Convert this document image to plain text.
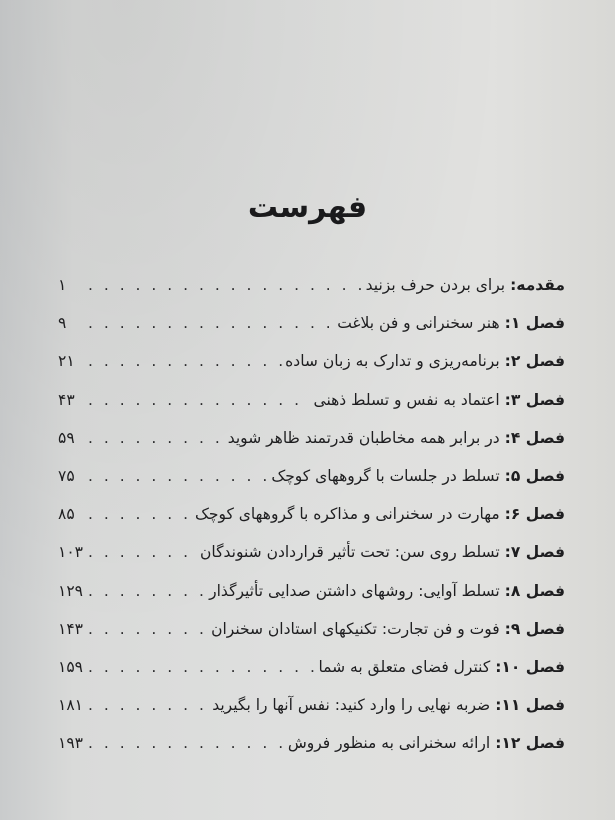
فهرست
مقدمه:
برای بردن حرف بزنید
. . .
۱
فصل ۱:
هنر سخنرانی و فن بلاغت
. . .
۹
فصل ۲:
برنامه‌ریزی و تدارک به زبان ساده
. . .
۲۱
فصل ۳:
اعتماد به نفس و تسلط ذهنی
. . .
۴۳
فصل ۴:
در برابر همه مخاطبان قدرتمند ظاهر شوید
. . .
۵۹
فصل ۵:
تسلط در جلسات با گروههای کوچک
. . .
۷۵
فصل ۶:
مهارت در سخنرانی و مذاکره با گروههای کوچک
. . .
۸۵
فصل ۷:
تسلط روی سن: تحت تأثیر قراردادن شنوندگان
. . .
۱۰۳
فصل ۸:
تسلط آوایی: روشهای داشتن صدایی تأثیرگذار
. . .
۱۲۹
فصل ۹:
فوت و فن تجارت: تکنیکهای استادان سخنران
. . .
۱۴۳
فصل ۱۰:
کنترل فضای متعلق به شما
. . .
۱۵۹
فصل ۱۱:
ضربه نهایی را وارد کنید: نفس آنها را بگیرید
. . .
۱۸۱
فصل ۱۲:
ارائه سخنرانی به منظور فروش
. . .
۱۹۳
